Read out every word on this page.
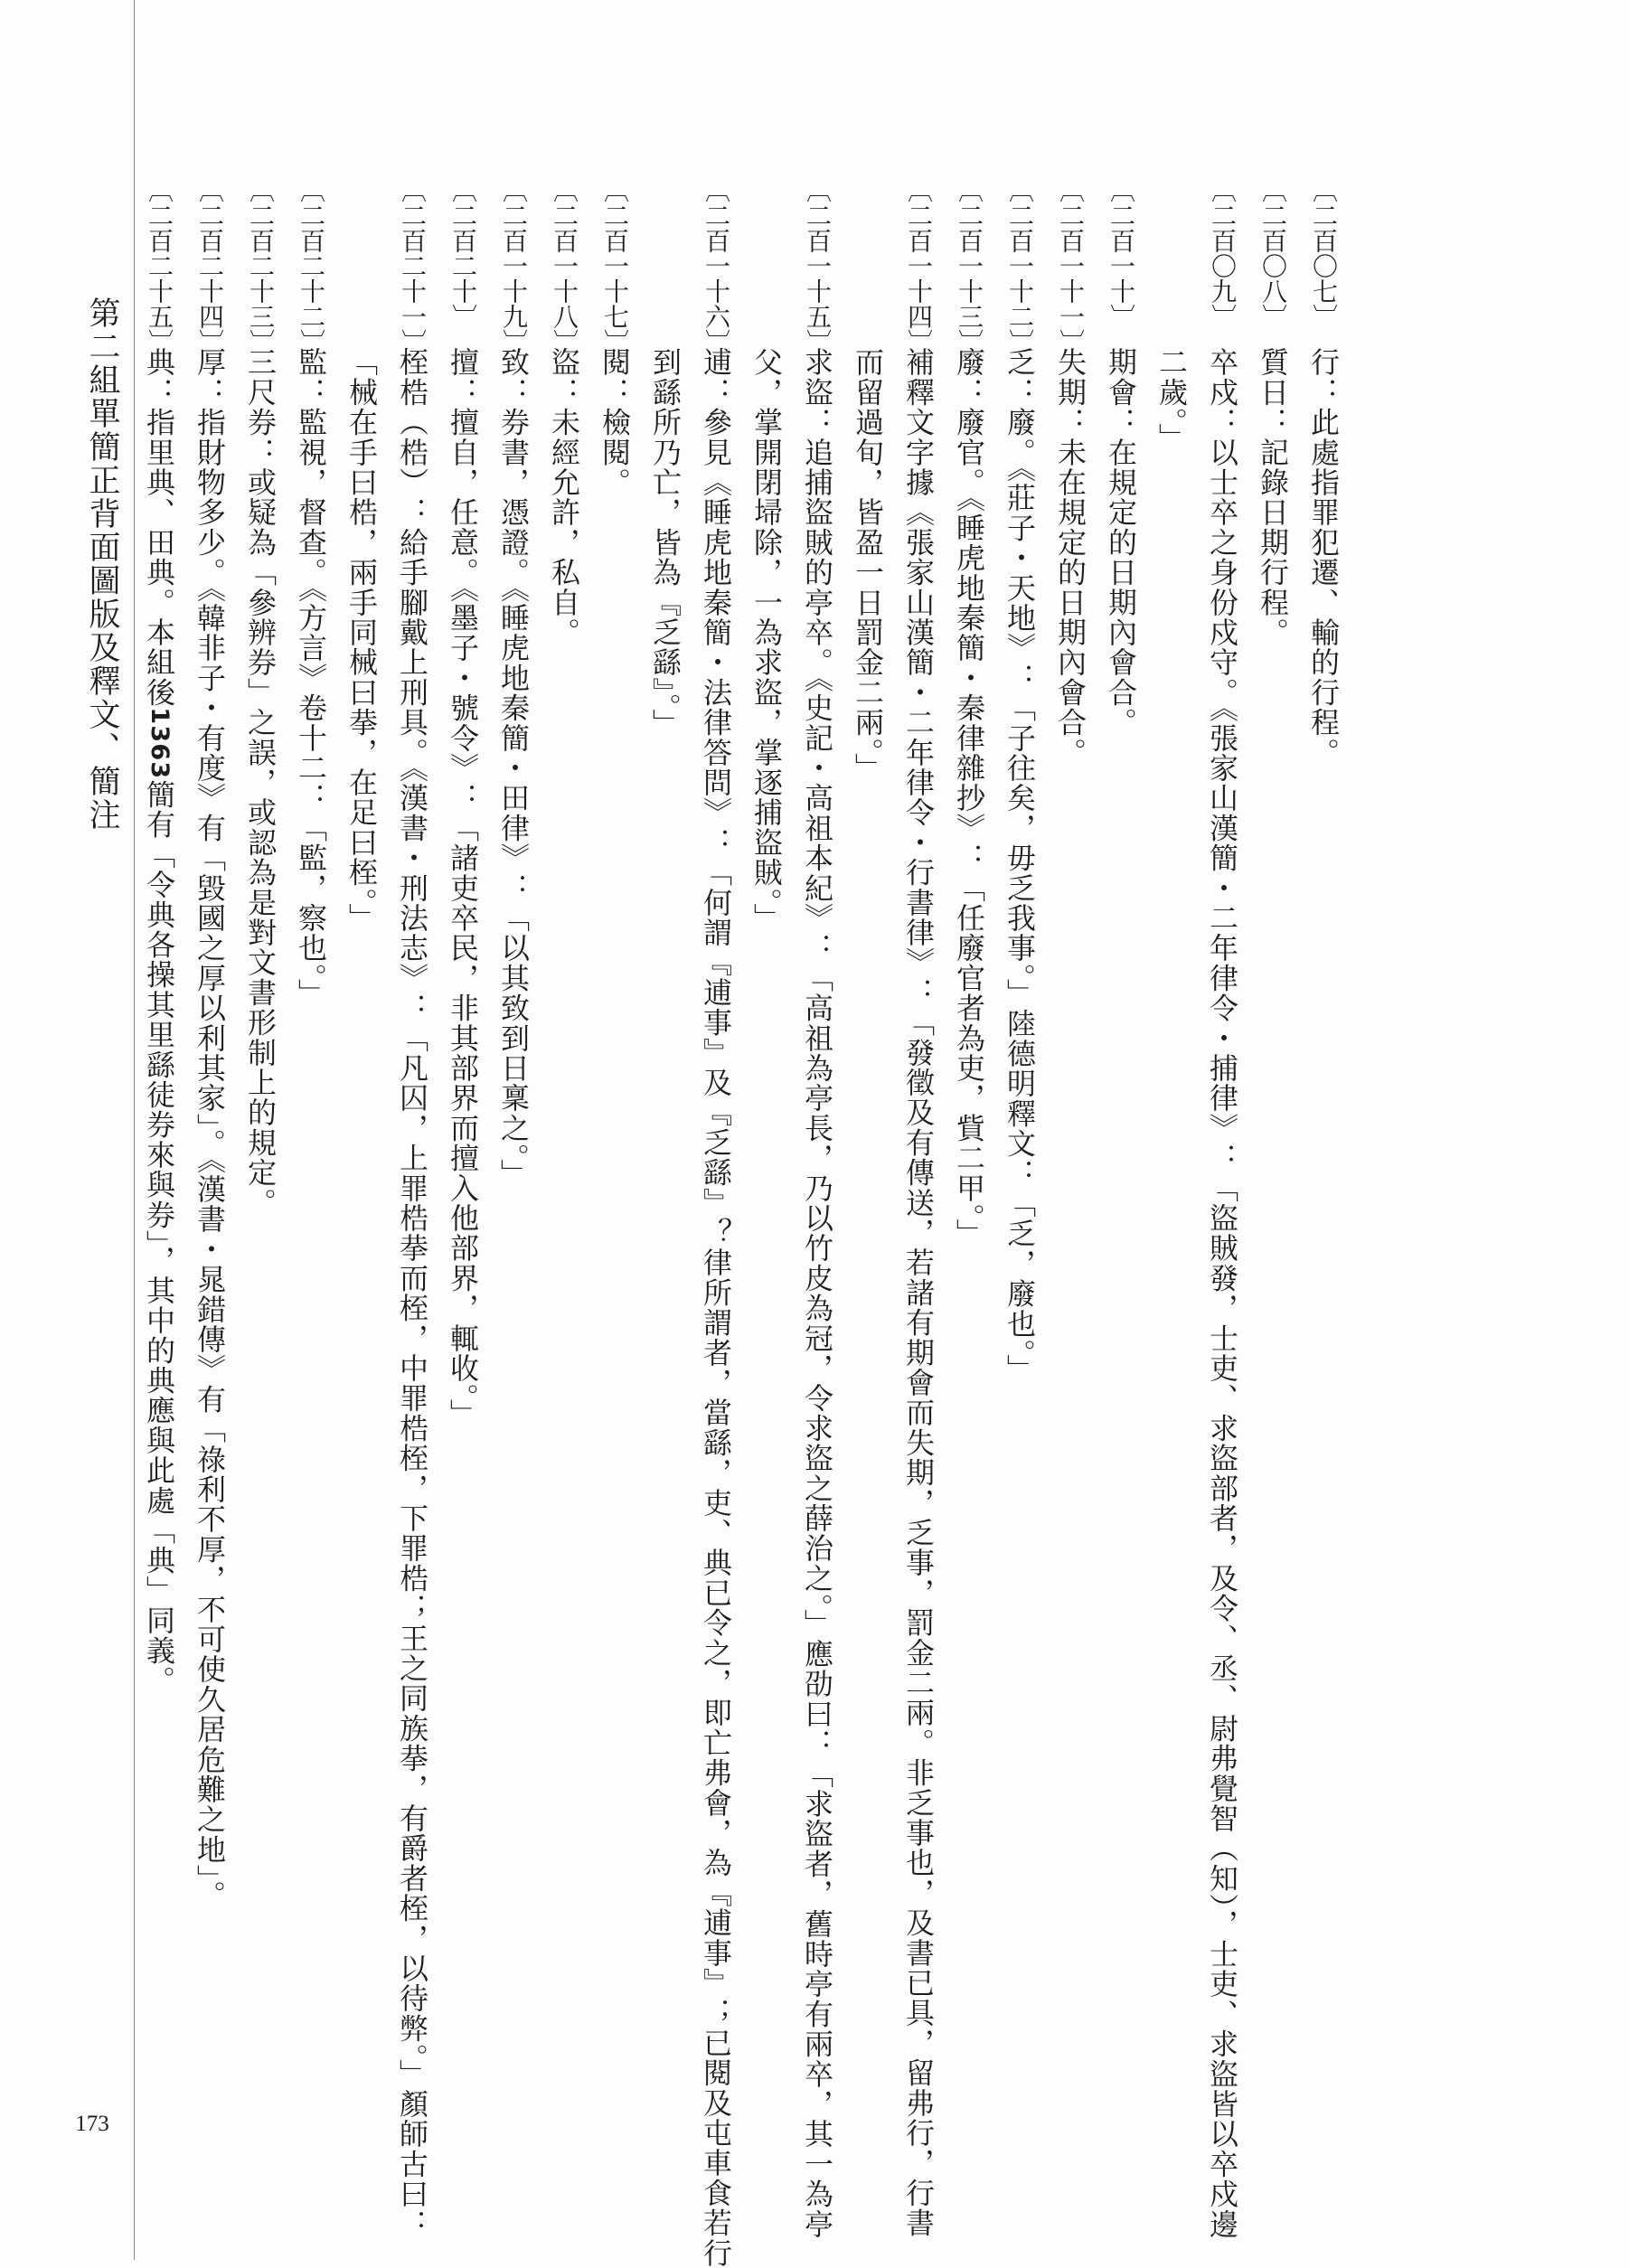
第二組單簡正背面圖版及釋文、簡注
173
〔二百〇七〕
行：此處指罪犯遷、輸的行程。
〔二百〇八〕
質日：記錄日期行程。
〔二百〇九〕
卒戍：以士卒之身份戍守。《張家山漢簡・二年律令・捕律》：「盜賊發，士吏、求盜部者，及令、丞、尉弗覺智（知），士吏、求盜皆以卒戍邊
二歲。」
〔二百一十〕
期會：在規定的日期內會合。
〔二百一十一〕
失期：未在規定的日期內會合。
〔二百一十二〕
乏：廢。《莊子・天地》：「子往矣，毋乏我事。」陸德明釋文：「乏，廢也。」
〔二百一十三〕
廢：廢官。《睡虎地秦簡・秦律雜抄》：「任廢官者為吏，貲二甲。」
〔二百一十四〕
補釋文字據《張家山漢簡・二年律令・行書律》：「發徵及有傳送，若諸有期會而失期，乏事，罰金二兩。非乏事也，及書已具，留弗行，行書
而留過旬，皆盈一日罰金二兩。」
〔二百一十五〕
求盜：追捕盜賊的亭卒。《史記・高祖本紀》：「高祖為亭長，乃以竹皮為冠，令求盜之薛治之。」應劭曰：「求盜者，舊時亭有兩卒，其一為亭
父，掌開閉埽除，一為求盜，掌逐捕盜賊。」
〔二百一十六〕
逋：參見《睡虎地秦簡・法律答問》：「何謂『逋事』及『乏繇』？律所謂者，當繇，吏、典已令之，即亡弗會，為『逋事』；已閱及屯車食若行
到繇所乃亡，皆為『乏繇』。」
〔二百一十七〕
閱：檢閱。
〔二百一十八〕
盜：未經允許，私自。
〔二百一十九〕
致：券書，憑證。《睡虎地秦簡・田律》：「以其致到日稟之。」
〔二百二十〕
擅：擅自，任意。《墨子・號令》：「諸吏卒民，非其部界而擅入他部界，輒收。」
〔二百二十一〕
桎梏（梏）：給手腳戴上刑具。《漢書・刑法志》：「凡囚，上罪梏拲而桎，中罪梏桎，下罪梏；王之同族拲，有爵者桎，以待弊。」顏師古曰：
「械在手曰梏，兩手同械曰拲，在足曰桎。」
〔二百二十二〕
監：監視，督查。《方言》卷十二：「監，察也。」
〔二百二十三〕
三尺券：或疑為「參辨券」之誤，或認為是對文書形制上的規定。
〔二百二十四〕
厚：指財物多少。《韓非子・有度》有「毀國之厚以利其家」。《漢書・晁錯傳》有「祿利不厚，不可使久居危難之地」。
〔二百二十五〕
典：指里典、田典。本組後1363簡有「令典各操其里繇徒券來與券」，其中的典應與此處「典」同義。
